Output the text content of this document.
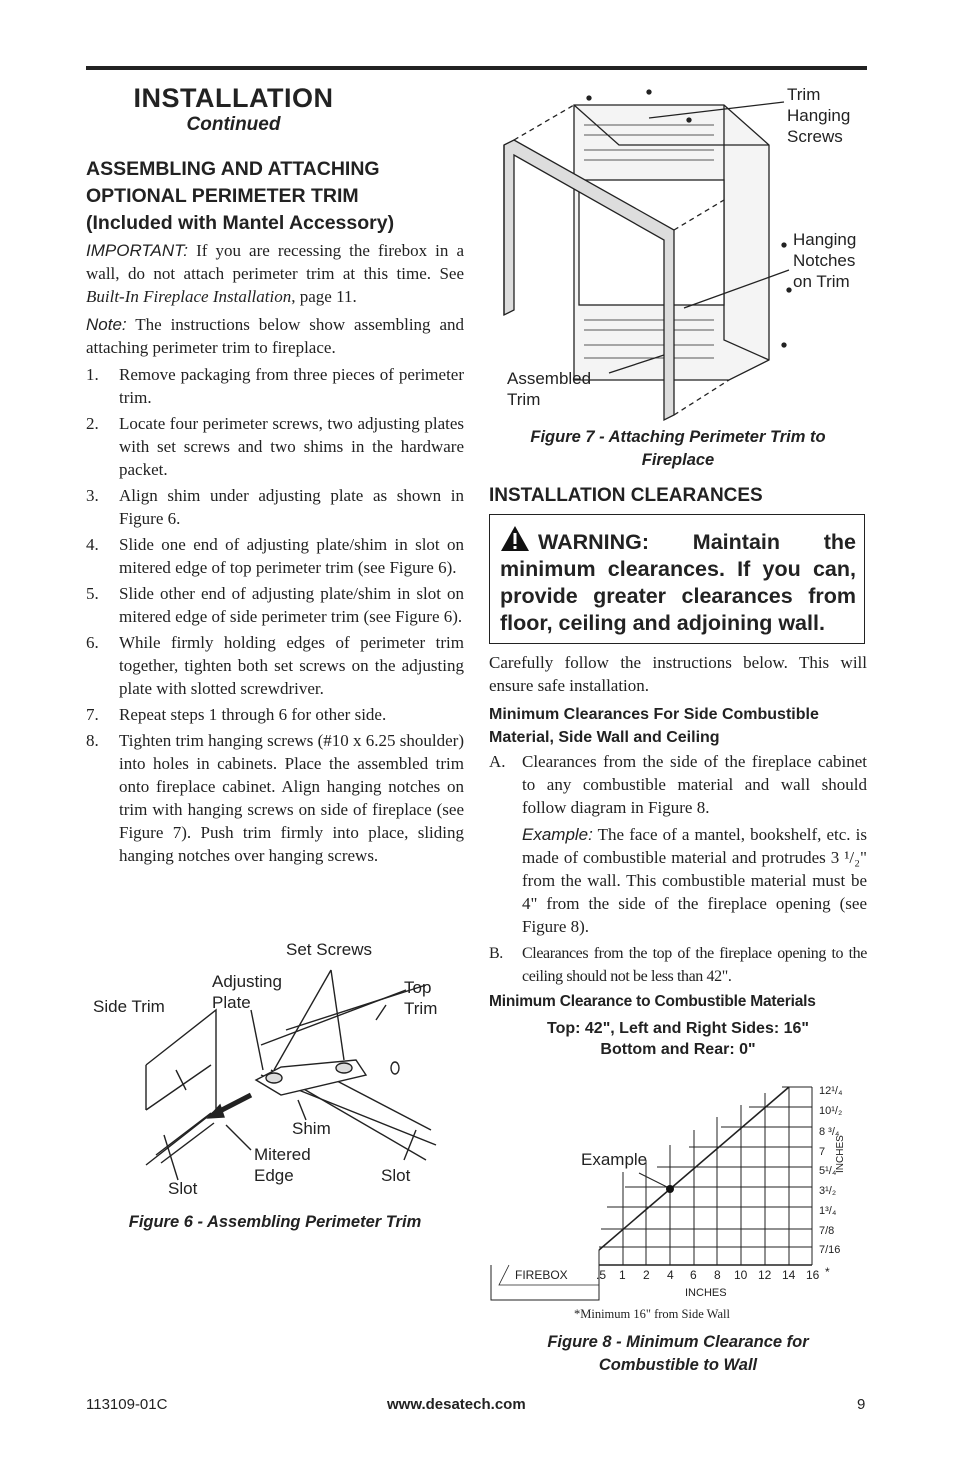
INSTALLATION
Continued
ASSEMBLING AND ATTACHING
OPTIONAL PERIMETER TRIM
(Included with Mantel Accessory)

IMPORTANT: If you are recessing the firebox in a wall, do not attach perimeter trim at this time. See Built-In Fireplace Installation, page 11.

Note: The instructions below show assembling and attaching perimeter trim to fireplace.

1. Remove packaging from three pieces of perimeter trim.
2. Locate four perimeter screws, two adjusting plates with set screws and two shims in the hardware packet.
3. Align shim under adjusting plate as shown in Figure 6.
4. Slide one end of adjusting plate/shim in slot on mitered edge of top perimeter trim (see Figure 6).
5. Slide other end of adjusting plate/shim in slot on mitered edge of side perimeter trim (see Figure 6).
6. While firmly holding edges of perimeter trim together, tighten both set screws on the adjusting plate with slotted screwdriver.
7. Repeat steps 1 through 6 for other side.
8. Tighten trim hanging screws (#10 x 6.25 shoulder) into holes in cabinets. Place the assembled trim onto fireplace cabinet. Align hanging notches on trim with hanging screws on side of fireplace (see Figure 7). Push trim firmly into place, sliding hanging notches over hanging screws.
Set Screws
Adjusting
Plate
Top
Trim
Side Trim
Shim
Mitered
Edge
Slot
Slot
Figure 6 - Assembling Perimeter Trim
Trim
Hanging
Screws
Hanging
Notches
on Trim
Assembled
Trim
Figure 7 - Attaching Perimeter Trim to
Fireplace
INSTALLATION CLEARANCES
WARNING: Maintain the minimum clearances. If you can, provide greater clearances from floor, ceiling and adjoining wall.

Carefully follow the instructions below. This will ensure safe installation.

Minimum Clearances For Side Combustible
Material, Side Wall and Ceiling
A. Clearances from the side of the fireplace cabinet to any combustible material and wall should follow diagram in Figure 8.
Example: The face of a mantel, bookshelf, etc. is made of combustible material and protrudes 3 ¹/₂" from the wall. This combustible material must be 4" from the side of the fireplace opening (see Figure 8).
B. Clearances from the top of the fireplace opening to the ceiling should not be less than 42".
Minimum Clearance to Combustible Materials
Top: 42", Left and Right Sides: 16"
Bottom and Rear: 0"
Example
FIREBOX .5 1 2 4 6 8 10 12 14 16 *
INCHES
12¹/₄
10¹/₂
8 ³/₄
7
5¹/₄
3¹/₂
1³/₄
7/8
7/16
INCHES
*Minimum 16" from Side Wall
Figure 8 - Minimum Clearance for
Combustible to Wall
113109-01C	www.desatech.com	9
